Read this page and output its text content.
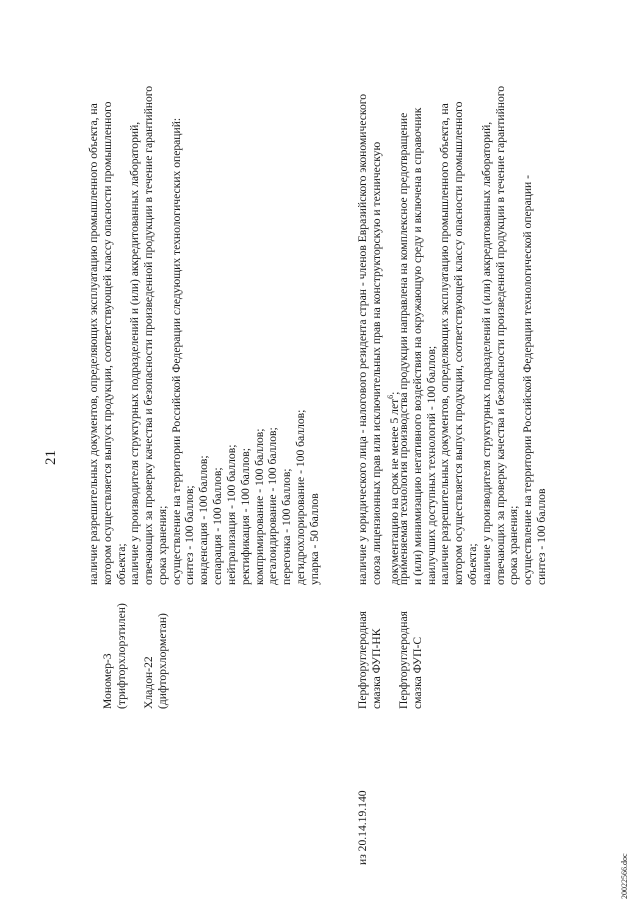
21
Мономер-3 (трифторхлорэтилен) Хладон-22 (дифторхлорметан)
наличие разрешительных документов, определяющих эксплуатацию промышленного объекта, на котором осуществляется выпуск продукции, соответствующей классу опасности промышленного объекта; наличие у производителя структурных подразделений и (или) аккредитованных лабораторий, отвечающих за проверку качества и безопасности произведенной продукции в течение гарантийного срока хранения; осуществление на территории Российской Федерации следующих технологических операций: синтез - 100 баллов; конденсация - 100 баллов; сепарация - 100 баллов; нейтрализация - 100 баллов; ректификация - 100 баллов; компримирование - 100 баллов; дегалоидирование - 100 баллов; перегонка - 100 баллов; дегидрохлорирование - 100 баллов; упарка - 50 баллов
из 20.14.19.140
Перфторуглеродная смазка ФУП-НК Перфторуглеродная смазка ФУП-С
наличие у юридического лица - налогового резидента стран - членов Евразийского экономического союза лицензионных прав или исключительных прав на конструкторскую и техническую документацию на срок не менее 5 лет$^6$;
применяемая технология производства продукции направлена на комплексное предотвращение и (или) минимизацию негативного воздействия на окружающую среду и включена в справочник наилучших доступных технологий - 100 баллов; наличие разрешительных документов, определяющих эксплуатацию промышленного объекта, на котором осуществляется выпуск продукции, соответствующей классу опасности промышленного объекта; наличие у производителя структурных подразделений и (или) аккредитованных лабораторий, отвечающих за проверку качества и безопасности произведенной продукции в течение гарантийного срока хранения; осуществление на территории Российской Федерации технологической операции - синтез - 100 баллов
20022566.doc
